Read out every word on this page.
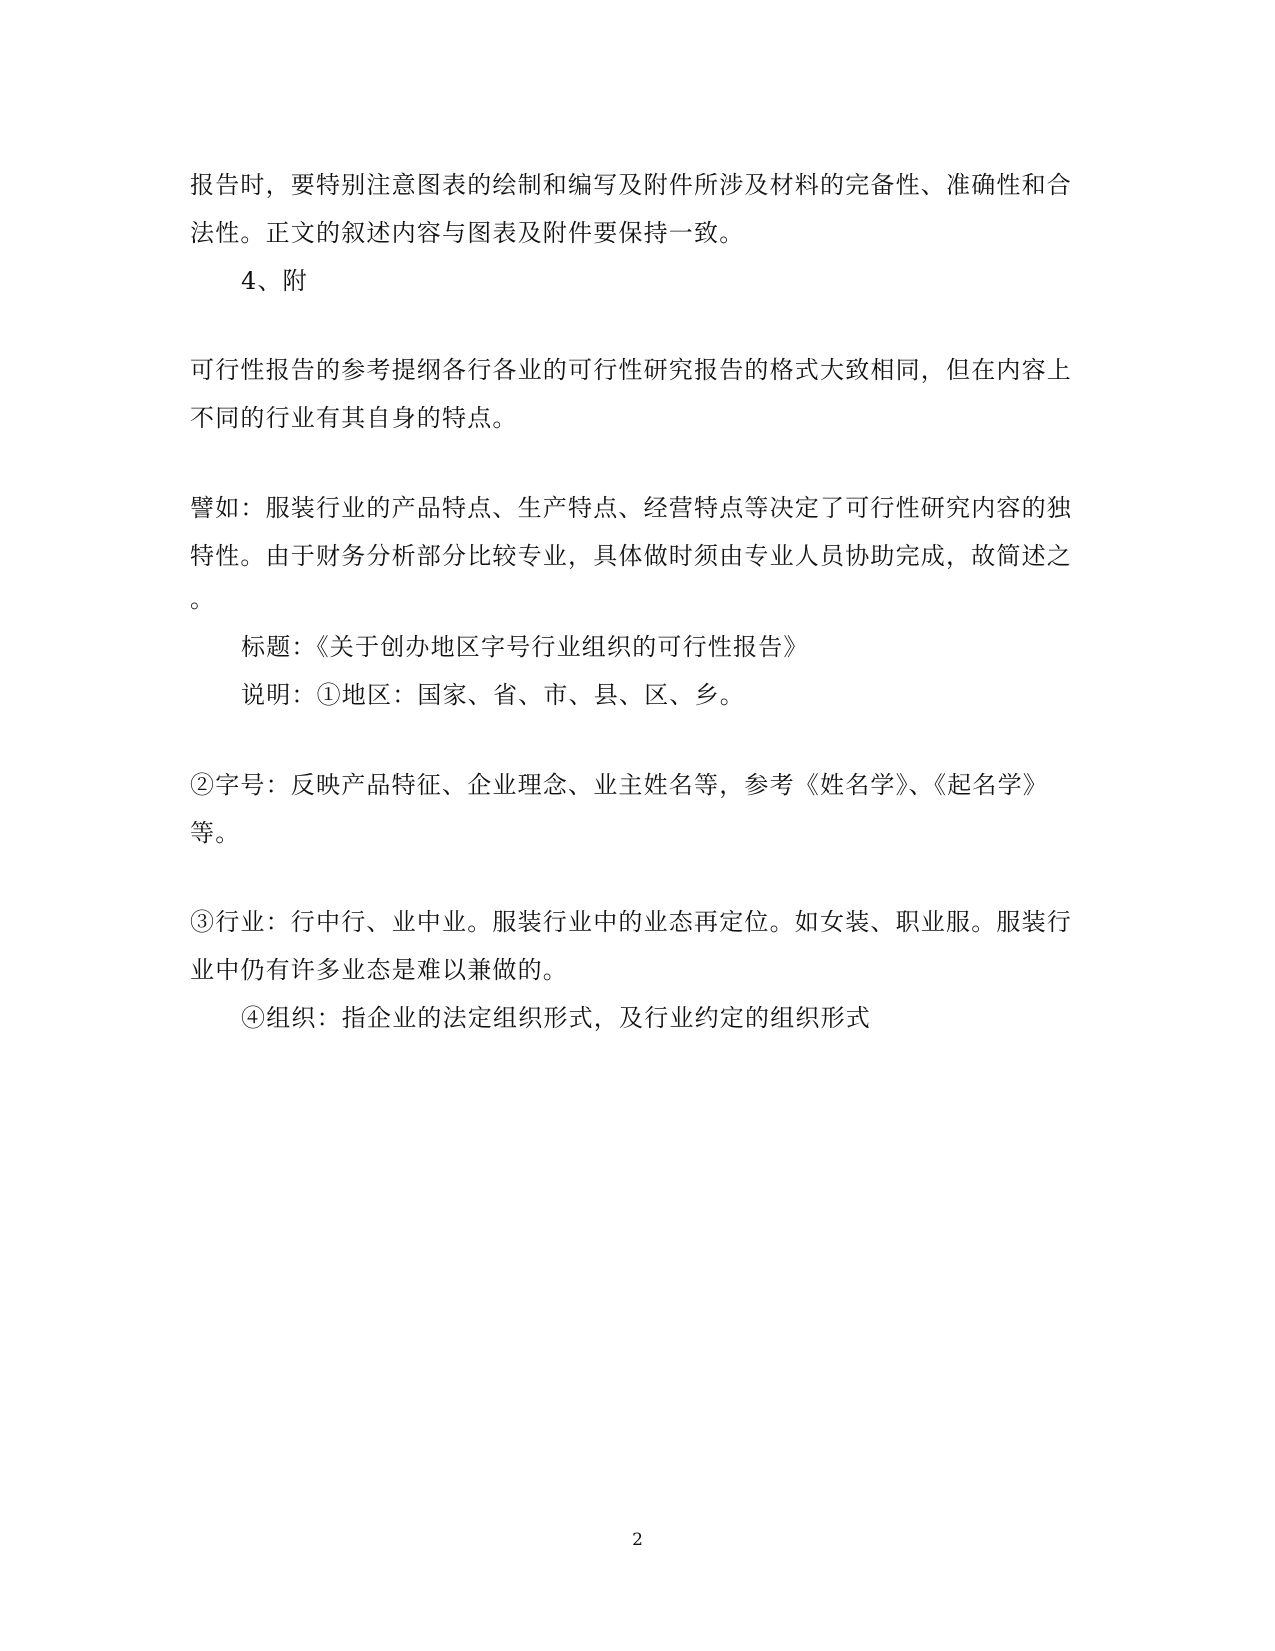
报告时，要特别注意图表的绘制和编写及附件所涉及材料的完备性、准确性和合
法性。正文的叙述内容与图表及附件要保持一致。
4、附
可行性报告的参考提纲各行各业的可行性研究报告的格式大致相同，但在内容上
不同的行业有其自身的特点。
譬如：服装行业的产品特点、生产特点、经营特点等决定了可行性研究内容的独
特性。由于财务分析部分比较专业，具体做时须由专业人员协助完成，故简述之
。
标题：《关于创办地区字号行业组织的可行性报告》
说明：①地区：国家、省、市、县、区、乡。
②字号：反映产品特征、企业理念、业主姓名等，参考《姓名学》、《起名学》
等。
③行业：行中行、业中业。服装行业中的业态再定位。如女装、职业服。服装行
业中仍有许多业态是难以兼做的。
④组织：指企业的法定组织形式，及行业约定的组织形式
2
